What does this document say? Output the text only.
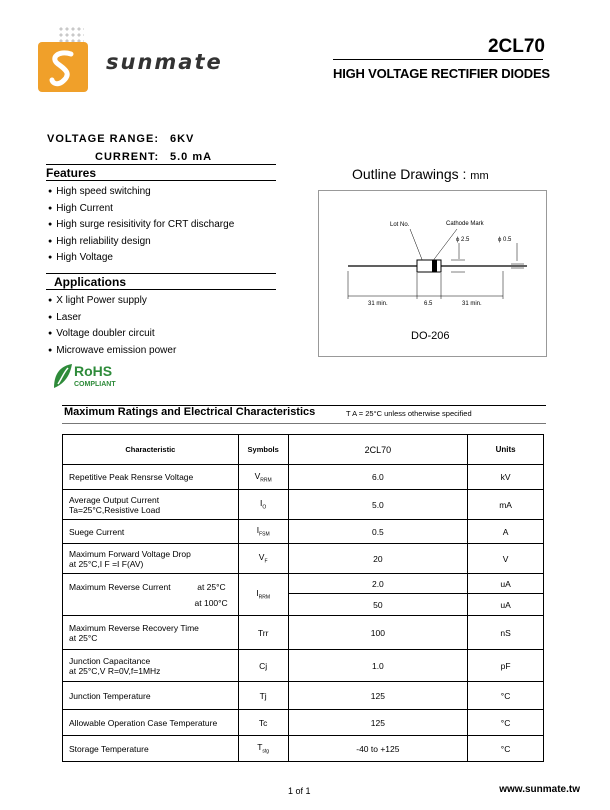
sunmate
2CL70
HIGH VOLTAGE RECTIFIER DIODES
VOLTAGE RANGE: 6KV
CURRENT: 5.0 mA
Features
● High speed switching
● High Current
● High surge resisitivity for CRT discharge
● High reliability design
● High Voltage
Applications
● X light Power supply
● Laser
● Voltage doubler circuit
● Microwave emission power
RoHS
COMPLIANT
Outline Drawings : mm
Lot No.	Cathode Mark
ϕ 2.5	ϕ 0.5
31 min.	6.5	31 min.
DO-206
Maximum Ratings and Electrical Characteristics	T A = 25°C unless otherwise specified
Characteristic	Symbols	2CL70	Units
Repetitive Peak Rensrse Voltage	$V_{RRM}$	6.0	kV

Average Output Current
Ta=25°C,Resistive Load	$I_O$	5.0	mA
Suege Current	$I_{FSM}$	0.5	A

Maximum Forward Voltage Drop
at 25°C,I F =I F(AV)	$V_F$	20	V

Maximum Reverse Current at 25°C
at 100°C	$I_{RRM}$	2.0	uA
		50	uA

Maximum Reverse Recovery Time
at 25°C	Trr	100	nS

Junction Capacitance
at 25°C,V R=0V,f=1MHz	Cj	1.0	pF
Junction Temperature	Tj	125	°C
Allowable Operation Case Temperature	Tc	125	°C
Storage Temperature	$T_{stg}$	-40 to +125	°C
1 of 1	www.sunmate.tw
